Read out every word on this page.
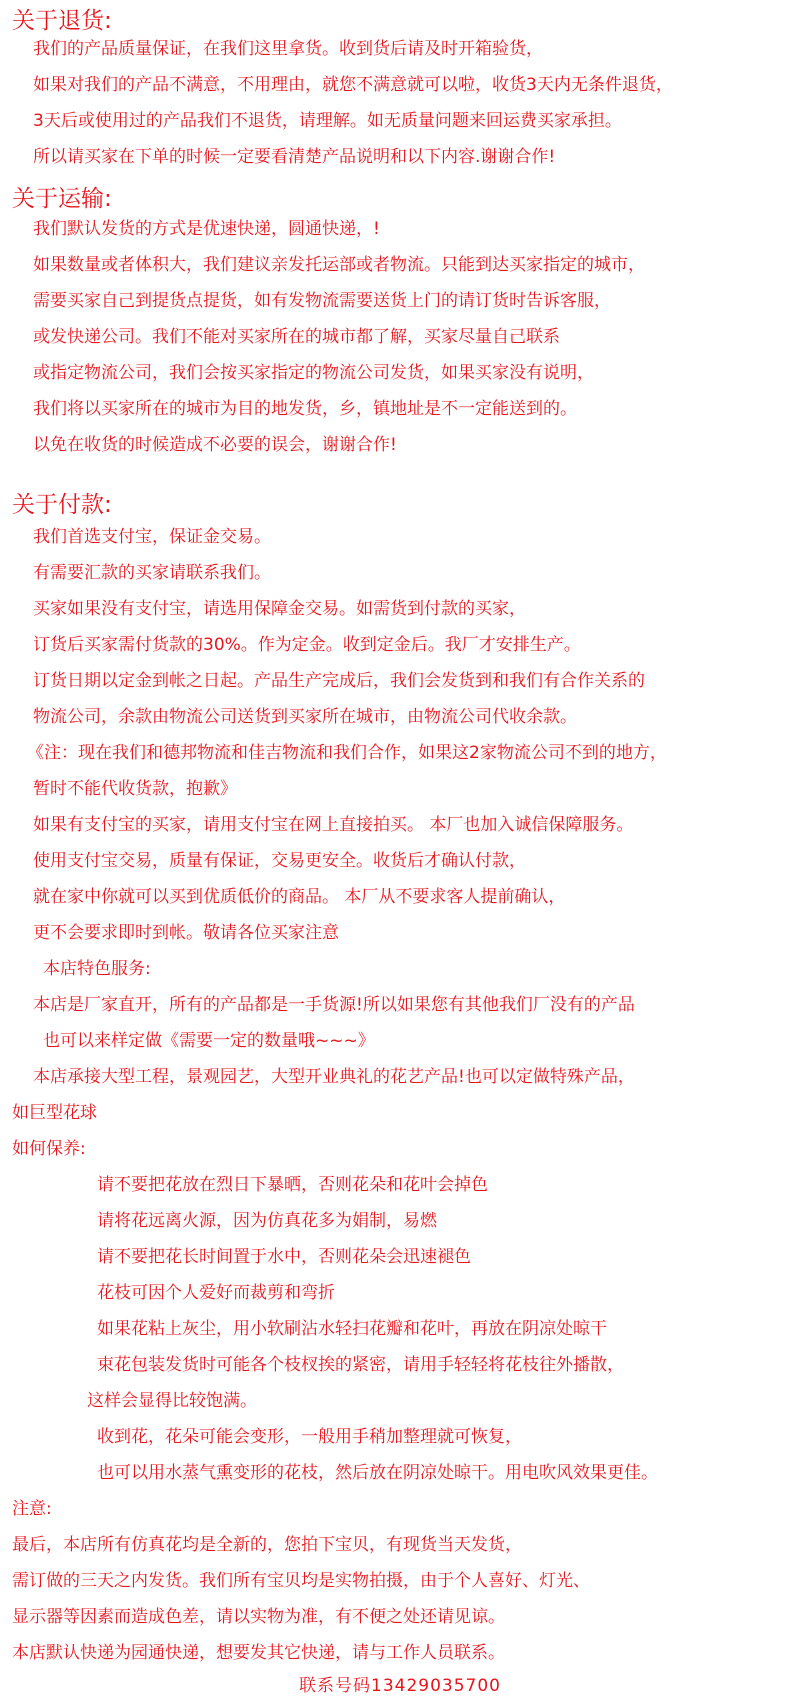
关于退货:
我们的产品质量保证，在我们这里拿货。收到货后请及时开箱验货，
如果对我们的产品不满意，不用理由，就您不满意就可以啦，收货3天内无条件退货，
3天后或使用过的产品我们不退货，请理解。如无质量问题来回运费买家承担。
所以请买家在下单的时候一定要看清楚产品说明和以下内容.谢谢合作!
关于运输:
我们默认发货的方式是优速快递，圆通快递，!
如果数量或者体积大，我们建议亲发托运部或者物流。只能到达买家指定的城市，
需要买家自己到提货点提货，如有发物流需要送货上门的请订货时告诉客服，
或发快递公司。我们不能对买家所在的城市都了解，买家尽量自己联系
或指定物流公司，我们会按买家指定的物流公司发货，如果买家没有说明，
我们将以买家所在的城市为目的地发货，乡，镇地址是不一定能送到的。
以免在收货的时候造成不必要的误会，谢谢合作!
关于付款:
我们首选支付宝，保证金交易。
有需要汇款的买家请联系我们。
买家如果没有支付宝，请选用保障金交易。如需货到付款的买家，
订货后买家需付货款的30%。作为定金。收到定金后。我厂才安排生产。
订货日期以定金到帐之日起。产品生产完成后，我们会发货到和我们有合作关系的
物流公司，余款由物流公司送货到买家所在城市，由物流公司代收余款。
《注：现在我们和德邦物流和佳吉物流和我们合作，如果这2家物流公司不到的地方，
暂时不能代收货款，抱歉》
如果有支付宝的买家，请用支付宝在网上直接拍买。 本厂也加入诚信保障服务。
使用支付宝交易，质量有保证，交易更安全。收货后才确认付款，
就在家中你就可以买到优质低价的商品。 本厂从不要求客人提前确认，
更不会要求即时到帐。敬请各位买家注意
本店特色服务:
本店是厂家直开，所有的产品都是一手货源!所以如果您有其他我们厂没有的产品
也可以来样定做《需要一定的数量哦~~~》
本店承接大型工程，景观园艺，大型开业典礼的花艺产品!也可以定做特殊产品，
如巨型花球
如何保养:
请不要把花放在烈日下暴晒，否则花朵和花叶会掉色
请将花远离火源，因为仿真花多为娟制，易燃
请不要把花长时间置于水中，否则花朵会迅速褪色
花枝可因个人爱好而裁剪和弯折
如果花粘上灰尘，用小软刷沾水轻扫花瓣和花叶，再放在阴凉处晾干
束花包装发货时可能各个枝杈挨的紧密，请用手轻轻将花枝往外播散，
这样会显得比较饱满。
收到花，花朵可能会变形，一般用手稍加整理就可恢复，
也可以用水蒸气熏变形的花枝，然后放在阴凉处晾干。用电吹风效果更佳。
注意:
最后，本店所有仿真花均是全新的，您拍下宝贝，有现货当天发货，
需订做的三天之内发货。我们所有宝贝均是实物拍摄，由于个人喜好、灯光、
显示器等因素而造成色差，请以实物为准，有不便之处还请见谅。
本店默认快递为园通快递，想要发其它快递，请与工作人员联系。
联系号码13429035700
